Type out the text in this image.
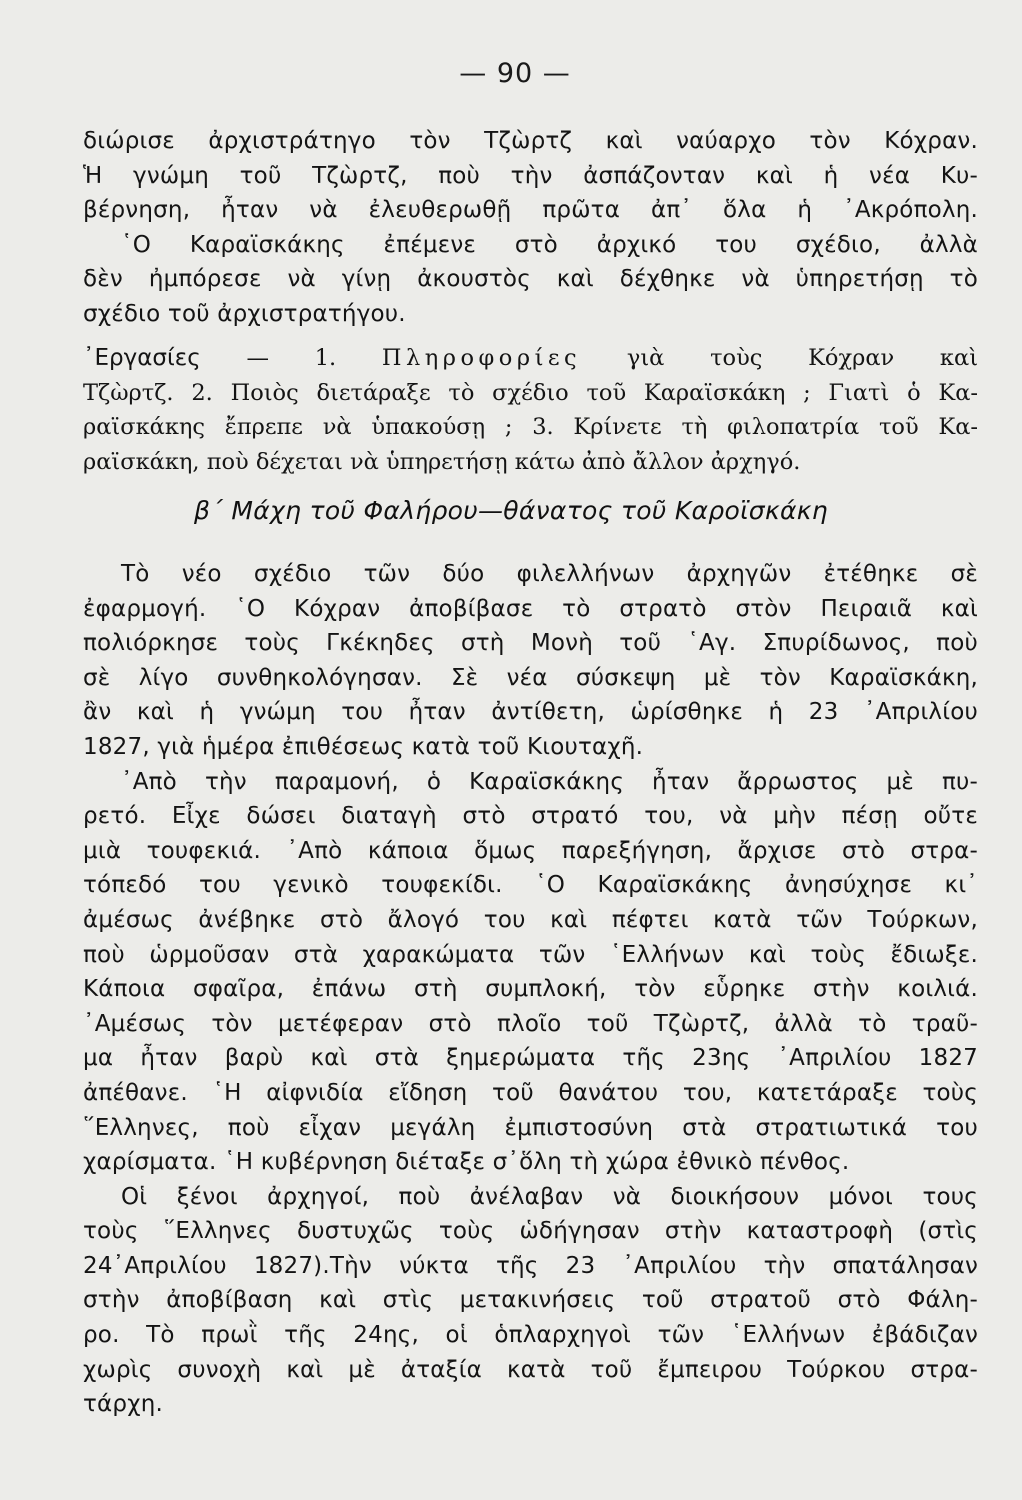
— 90 —
διώρισε ἀρχιστράτηγο τὸν Τζὼρτζ καὶ ναύαρχο τὸν Κόχραν.
Ἡ γνώμη τοῦ Τζὼρτζ, ποὺ τὴν ἀσπάζονταν καὶ ἡ νέα Κυ-
βέρνηση, ἦταν νὰ ἐλευθερωθῇ πρῶτα ἀπ᾿ ὅλα ἡ ᾿Ακρόπολη.
῾Ο Καραϊσκάκης ἐπέμενε στὸ ἀρχικό του σχέδιο, ἀλλὰ
δὲν ἠμπόρεσε νὰ γίνῃ ἀκουστὸς καὶ δέχθηκε νὰ ὑπηρετήσῃ τὸ
σχέδιο τοῦ ἀρχιστρατήγου.
᾿Εργασίες — 1. Πληροφορίες γιὰ τοὺς Κόχραν καὶ
Τζὼρτζ. 2. Ποιὸς διετάραξε τὸ σχέδιο τοῦ Καραϊσκάκη ; Γιατὶ ὁ Κα-
ραϊσκάκης ἔπρεπε νὰ ὑπακούσῃ ; 3. Κρίνετε τὴ φιλοπατρία τοῦ Κα-
ραϊσκάκη, ποὺ δέχεται νὰ ὑπηρετήσῃ κάτω ἀπὸ ἄλλον ἀρχηγό.
β΄ Μάχη τοῦ Φαλήρου—θάνατος τοῦ Καροϊσκάκη
Τὸ νέο σχέδιο τῶν δύο φιλελλήνων ἀρχηγῶν ἐτέθηκε σὲ
ἐφαρμογή. ῾Ο Κόχραν ἀποβίβασε τὸ στρατὸ στὸν Πειραιᾶ καὶ
πολιόρκησε τοὺς Γκέκηδες στὴ Μονὴ τοῦ ῾Αγ. Σπυρίδωνος, ποὺ
σὲ λίγο συνθηκολόγησαν. Σὲ νέα σύσκεψη μὲ τὸν Καραϊσκάκη,
ἂν καὶ ἡ γνώμη του ἦταν ἀντίθετη, ὡρίσθηκε ἡ 23 ᾿Απριλίου
1827, γιὰ ἡμέρα ἐπιθέσεως κατὰ τοῦ Κιουταχῆ.
᾿Απὸ τὴν παραμονή, ὁ Καραϊσκάκης ἦταν ἄρρωστος μὲ πυ-
ρετό. Εἶχε δώσει διαταγὴ στὸ στρατό του, νὰ μὴν πέσῃ οὔτε
μιὰ τουφεκιά. ᾿Απὸ κάποια ὅμως παρεξήγηση, ἄρχισε στὸ στρα-
τόπεδό του γενικὸ τουφεκίδι. ῾Ο Καραϊσκάκης ἀνησύχησε κι᾿
ἀμέσως ἀνέβηκε στὸ ἄλογό του καὶ πέφτει κατὰ τῶν Τούρκων,
ποὺ ὡρμοῦσαν στὰ χαρακώματα τῶν ῾Ελλήνων καὶ τοὺς ἔδιωξε.
Κάποια σφαῖρα, ἐπάνω στὴ συμπλοκή, τὸν εὗρηκε στὴν κοιλιά.
᾿Αμέσως τὸν μετέφεραν στὸ πλοῖο τοῦ Τζὼρτζ, ἀλλὰ τὸ τραῦ-
μα ἦταν βαρὺ καὶ στὰ ξημερώματα τῆς 23ης ᾿Απριλίου 1827
ἀπέθανε. ῾Η αἰφνιδία εἴδηση τοῦ θανάτου του, κατετάραξε τοὺς
῞Ελληνες, ποὺ εἶχαν μεγάλη ἐμπιστοσύνη στὰ στρατιωτικά του
χαρίσματα. ῾Η κυβέρνηση διέταξε σ᾿ὅλη τὴ χώρα ἐθνικὸ πένθος.
Οἱ ξένοι ἀρχηγοί, ποὺ ἀνέλαβαν νὰ διοικήσουν μόνοι τους
τοὺς ῞Ελληνες δυστυχῶς τοὺς ὡδήγησαν στὴν καταστροφὴ (στὶς
24᾿Απριλίου 1827).Τὴν νύκτα τῆς 23 ᾿Απριλίου τὴν σπατάλησαν
στὴν ἀποβίβαση καὶ στὶς μετακινήσεις τοῦ στρατοῦ στὸ Φάλη-
ρο. Τὸ πρωῒ τῆς 24ης, οἱ ὁπλαρχηγοὶ τῶν ῾Ελλήνων ἐβάδιζαν
χωρὶς συνοχὴ καὶ μὲ ἀταξία κατὰ τοῦ ἔμπειρου Τούρκου στρα-
τάρχη.
